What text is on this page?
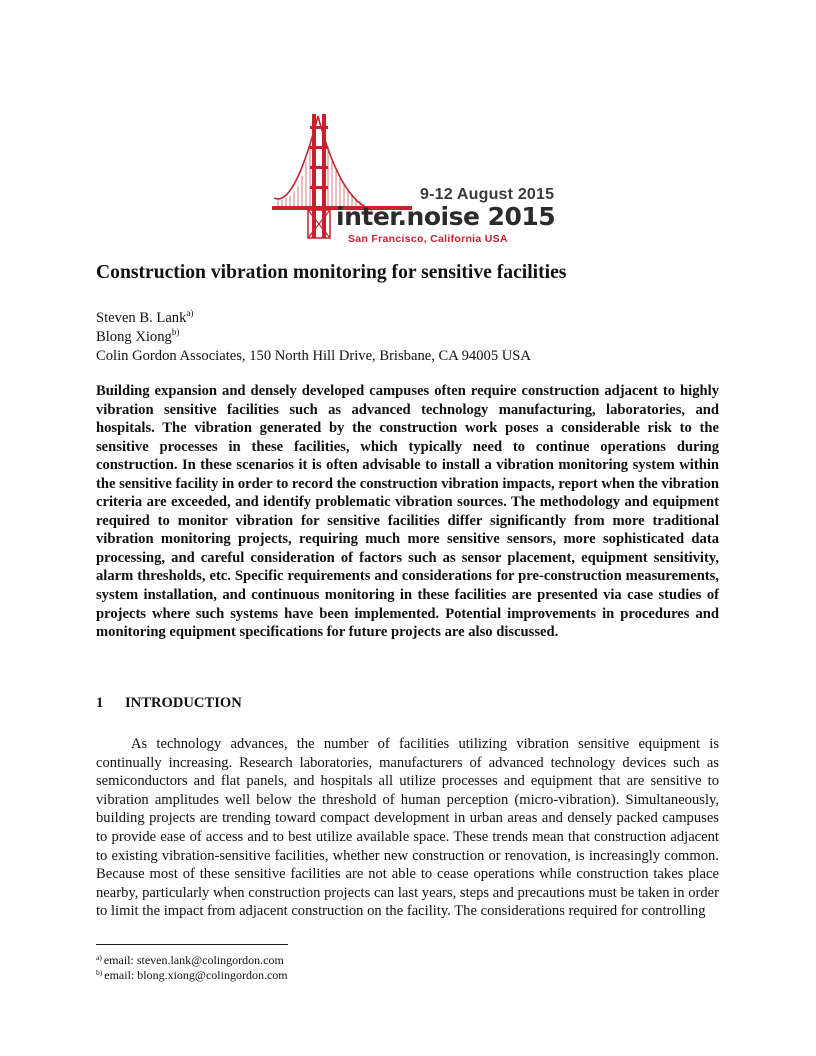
9-12 August 2015
inter.noise 2015
San Francisco, California USA
Construction vibration monitoring for sensitive facilities
Steven B. Lank$^{a)}$
Blong Xiong$^{b)}$
Colin Gordon Associates, 150 North Hill Drive, Brisbane, CA 94005 USA

Building expansion and densely developed campuses often require construction adjacent to highly vibration sensitive facilities such as advanced technology manufacturing, laboratories, and hospitals. The vibration generated by the construction work poses a considerable risk to the sensitive processes in these facilities, which typically need to continue operations during construction. In these scenarios it is often advisable to install a vibration monitoring system within the sensitive facility in order to record the construction vibration impacts, report when the vibration criteria are exceeded, and identify problematic vibration sources. The methodology and equipment required to monitor vibration for sensitive facilities differ significantly from more traditional vibration monitoring projects, requiring much more sensitive sensors, more sophisticated data processing, and careful consideration of factors such as sensor placement, equipment sensitivity, alarm thresholds, etc. Specific requirements and considerations for pre-construction measurements, system installation, and continuous monitoring in these facilities are presented via case studies of projects where such systems have been implemented. Potential improvements in procedures and monitoring equipment specifications for future projects are also discussed.

1 INTRODUCTION

As technology advances, the number of facilities utilizing vibration sensitive equipment is continually increasing. Research laboratories, manufacturers of advanced technology devices such as semiconductors and flat panels, and hospitals all utilize processes and equipment that are sensitive to vibration amplitudes well below the threshold of human perception (micro-vibration). Simultaneously, building projects are trending toward compact development in urban areas and densely packed campuses to provide ease of access and to best utilize available space. These trends mean that construction adjacent to existing vibration-sensitive facilities, whether new construction or renovation, is increasingly common. Because most of these sensitive facilities are not able to cease operations while construction takes place nearby, particularly when construction projects can last years, steps and precautions must be taken in order to limit the impact from adjacent construction on the facility. The considerations required for controlling

$^{a)}$ email: steven.lank@colingordon.com
$^{b)}$ email: blong.xiong@colingordon.com
